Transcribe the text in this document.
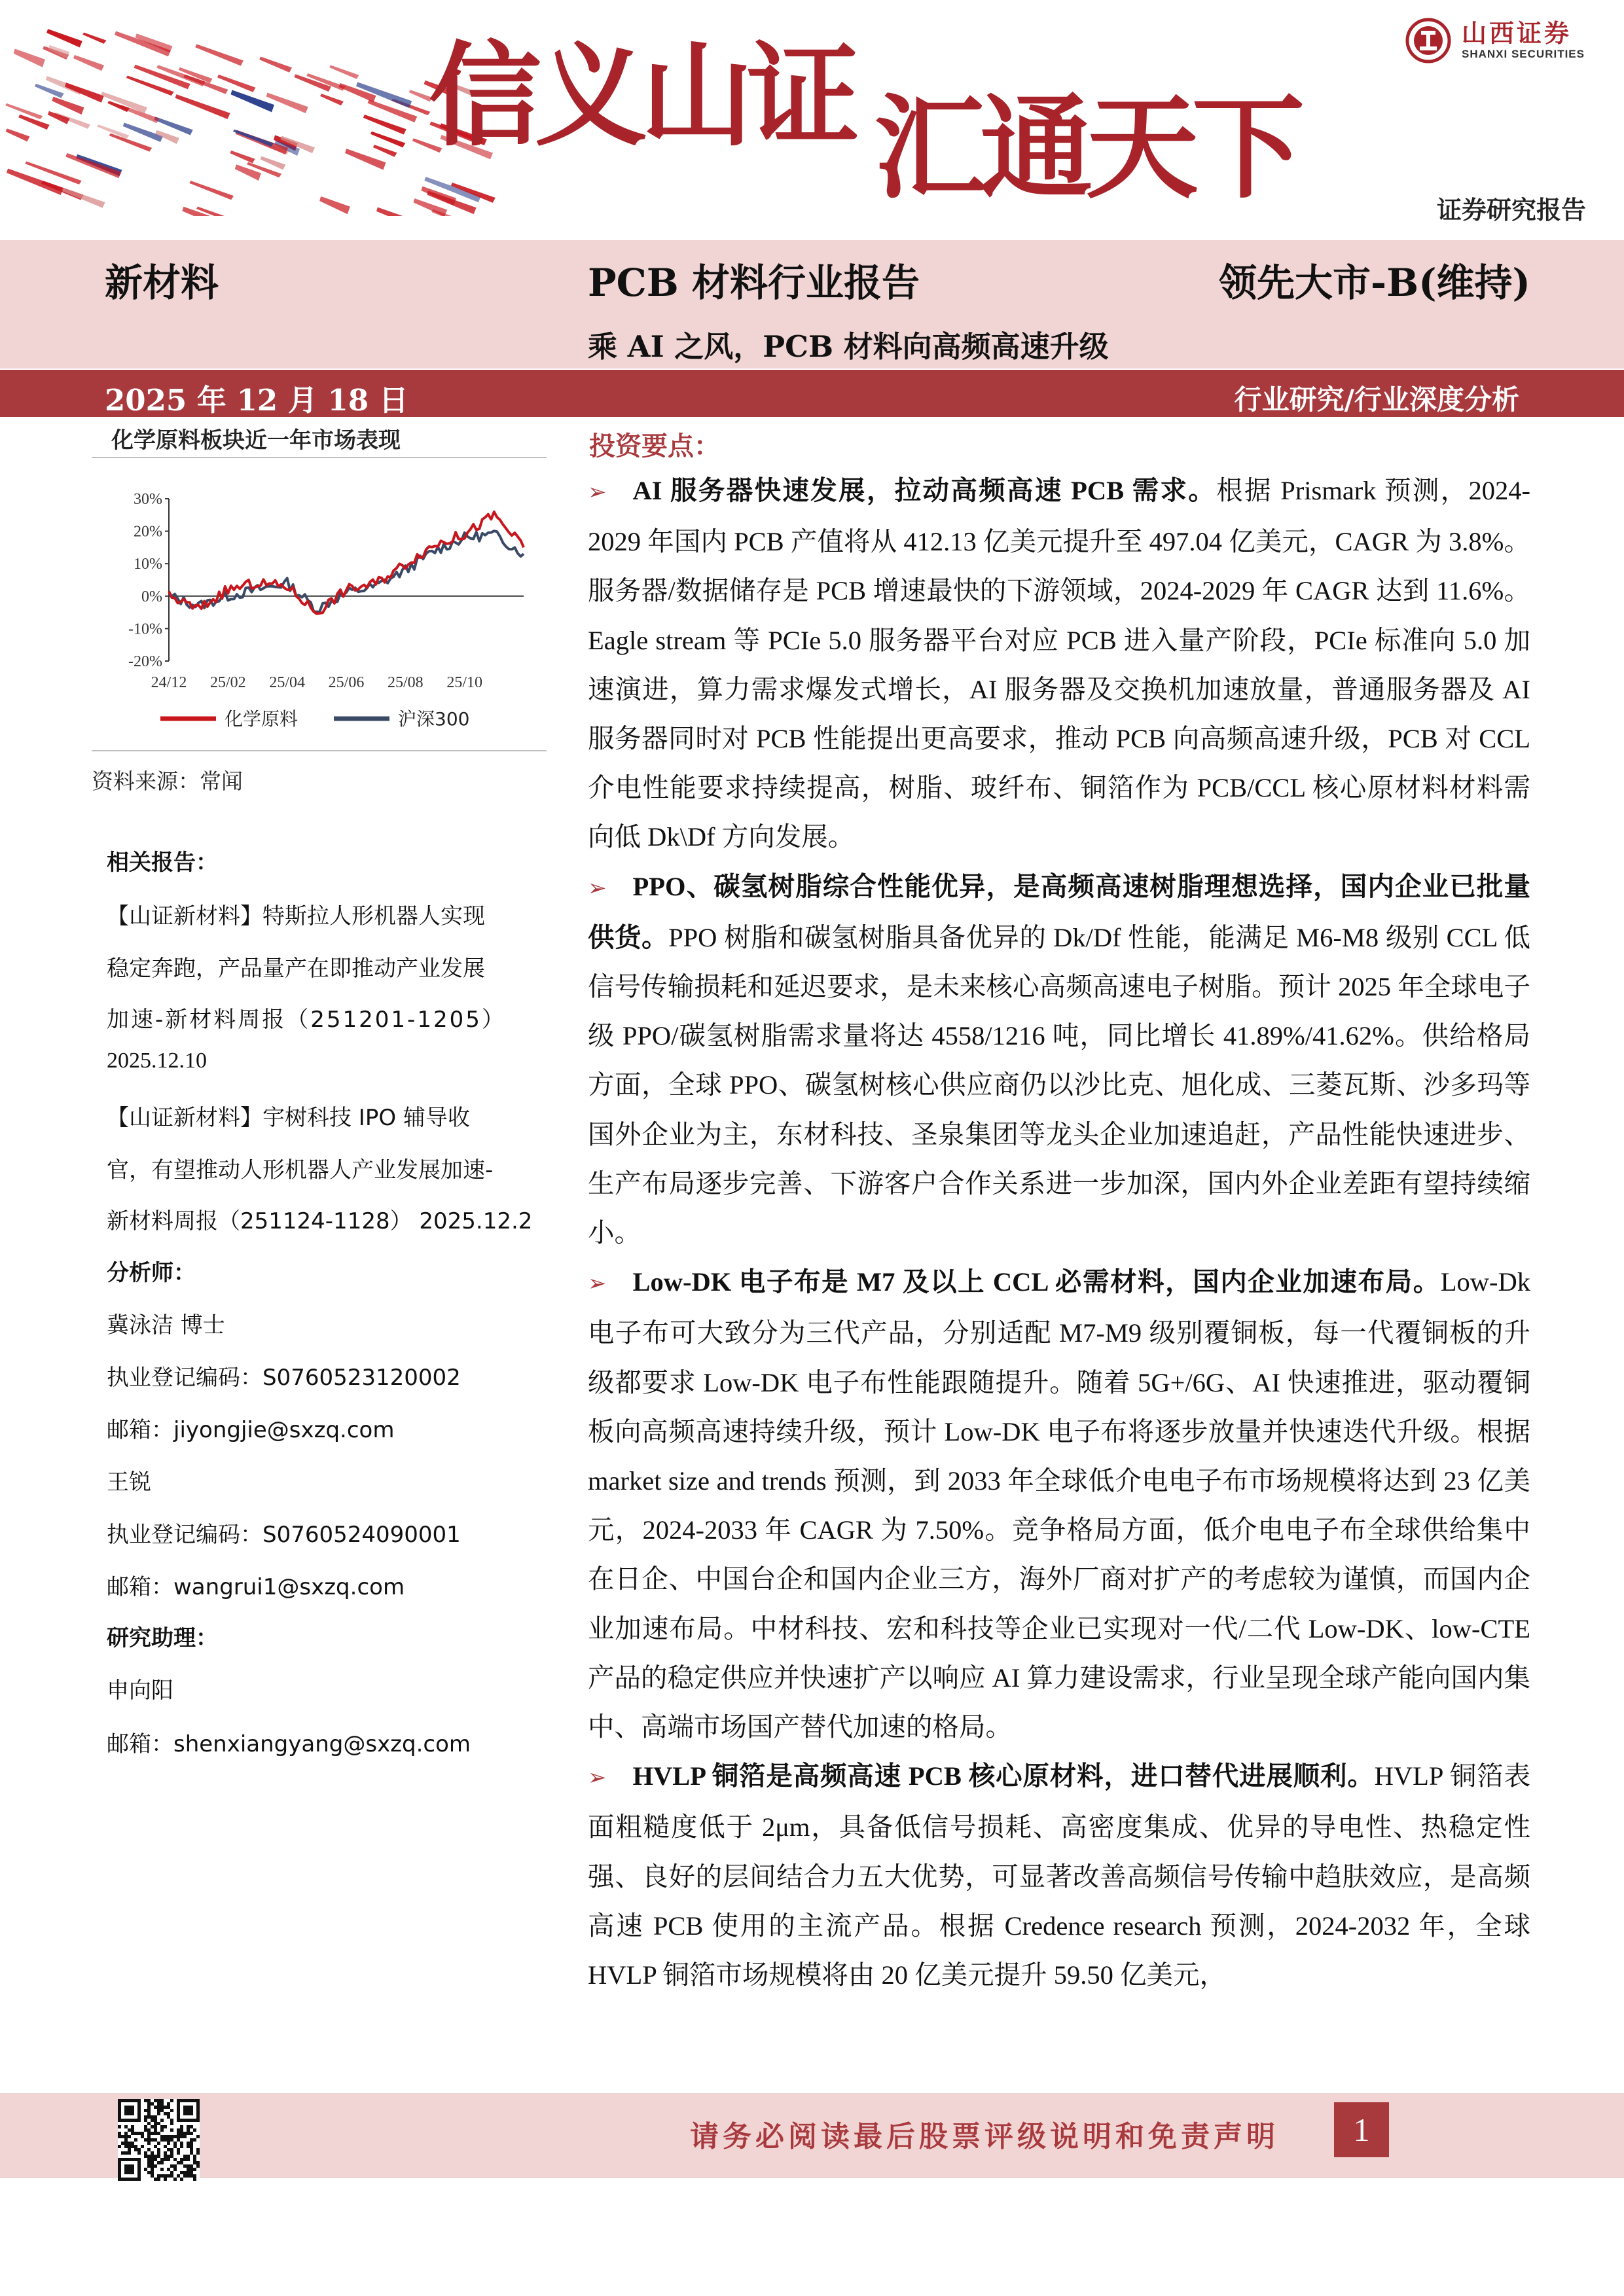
信义山证 汇通天下
山西证券
SHANXI SECURITIES
证券研究报告
新材料	PCB 材料行业报告	领先大市-B(维持)
乘 AI 之风，PCB 材料向高频高速升级
2025 年 12 月 18 日	行业研究/行业深度分析
化学原料板块近一年市场表现
30%
20%
10%
0%
-10%
-20%
24/12 25/02 25/04 25/06 25/08 25/10
化学原料	沪深300
资料来源：常闻
相关报告：
【山证新材料】特斯拉人形机器人实现
稳定奔跑，产品量产在即推动产业发展
加速-新材料周报（251201-1205）
2025.12.10
【山证新材料】宇树科技 IPO 辅导收
官，有望推动人形机器人产业发展加速-
新材料周报（251124-1128） 2025.12.2
分析师：
冀泳洁 博士
执业登记编码：S0760523120002
邮箱：jiyongjie@sxzq.com
王锐
执业登记编码：S0760524090001
邮箱：wangrui1@sxzq.com
研究助理：
申向阳
邮箱：shenxiangyang@sxzq.com
投资要点：

➢ AI 服务器快速发展，拉动高频高速 PCB 需求。根据 Prismark 预测，2024-2029 年国内 PCB 产值将从 412.13 亿美元提升至 497.04 亿美元，CAGR 为 3.8%。服务器/数据储存是 PCB 增速最快的下游领域，2024-2029 年 CAGR 达到 11.6%。Eagle stream 等 PCIe 5.0 服务器平台对应 PCB 进入量产阶段，PCIe 标准向 5.0 加速演进，算力需求爆发式增长，AI 服务器及交换机加速放量，普通服务器及 AI 服务器同时对 PCB 性能提出更高要求，推动 PCB 向高频高速升级，PCB 对 CCL 介电性能要求持续提高，树脂、玻纤布、铜箔作为 PCB/CCL 核心原材料材料需向低 Dk\Df 方向发展。

➢ PPO、碳氢树脂综合性能优异，是高频高速树脂理想选择，国内企业已批量供货。PPO 树脂和碳氢树脂具备优异的 Dk/Df 性能，能满足 M6-M8 级别 CCL 低信号传输损耗和延迟要求，是未来核心高频高速电子树脂。预计 2025 年全球电子级 PPO/碳氢树脂需求量将达 4558/1216 吨，同比增长 41.89%/41.62%。供给格局方面，全球 PPO、碳氢树核心供应商仍以沙比克、旭化成、三菱瓦斯、沙多玛等国外企业为主，东材科技、圣泉集团等龙头企业加速追赶，产品性能快速进步、生产布局逐步完善、下游客户合作关系进一步加深，国内外企业差距有望持续缩小。

➢ Low-DK 电子布是 M7 及以上 CCL 必需材料，国内企业加速布局。Low-Dk 电子布可大致分为三代产品，分别适配 M7-M9 级别覆铜板，每一代覆铜板的升级都要求 Low-DK 电子布性能跟随提升。随着 5G+/6G、AI 快速推进，驱动覆铜板向高频高速持续升级，预计 Low-DK 电子布将逐步放量并快速迭代升级。根据 market size and trends 预测，到 2033 年全球低介电电子布市场规模将达到 23 亿美元，2024-2033 年 CAGR 为 7.50%。竞争格局方面，低介电电子布全球供给集中在日企、中国台企和国内企业三方，海外厂商对扩产的考虑较为谨慎，而国内企业加速布局。中材科技、宏和科技等企业已实现对一代/二代 Low-DK、low-CTE 产品的稳定供应并快速扩产以响应 AI 算力建设需求，行业呈现全球产能向国内集中、高端市场国产替代加速的格局。

➢ HVLP 铜箔是高频高速 PCB 核心原材料，进口替代进展顺利。HVLP 铜箔表面粗糙度低于 2μm，具备低信号损耗、高密度集成、优异的导电性、热稳定性强、良好的层间结合力五大优势，可显著改善高频信号传输中趋肤效应，是高频高速 PCB 使用的主流产品。根据 Credence research 预测，2024-2032 年，全球 HVLP 铜箔市场规模将由 20 亿美元提升 59.50 亿美元，

请务必阅读最后股票评级说明和免责声明	1
